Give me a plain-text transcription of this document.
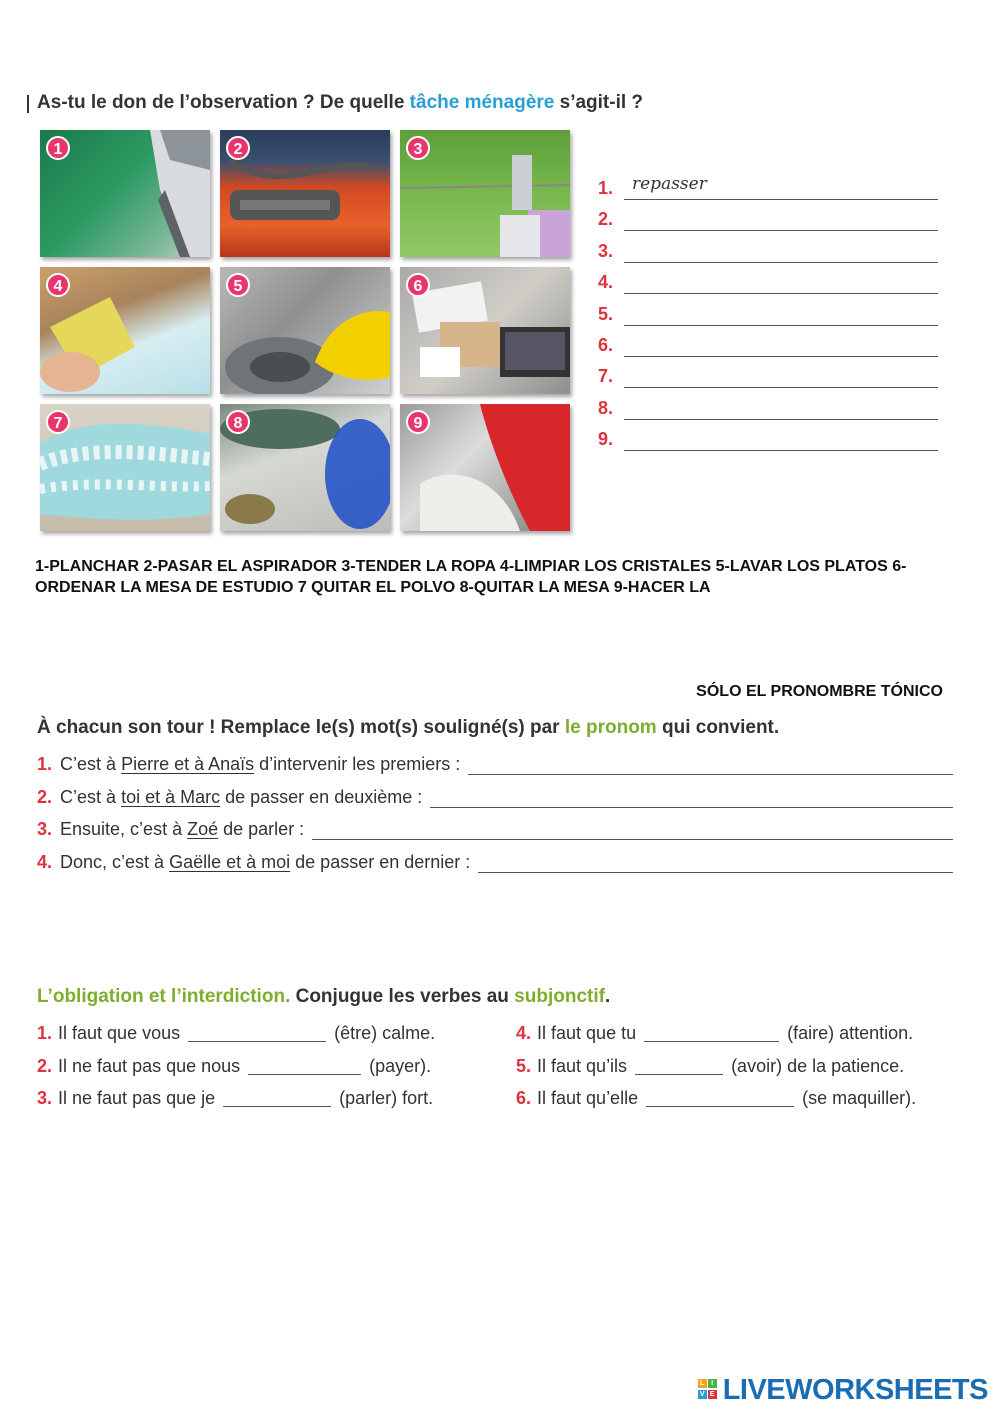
As-tu le don de l’observation ? De quelle tâche ménagère s’agit-il ?
1	2	3
4	5	6
7	8	9
1. repasser
2.
3.
4.
5.
6.
7.
8.
9.
1-PLANCHAR 2-PASAR EL ASPIRADOR 3-TENDER LA ROPA 4-LIMPIAR LOS CRISTALES 5-LAVAR LOS PLATOS 6-ORDENAR LA MESA DE ESTUDIO 7 QUITAR EL POLVO 8-QUITAR LA MESA 9-HACER LA
SÓLO EL PRONOMBRE TÓNICO
À chacun son tour ! Remplace le(s) mot(s) souligné(s) par le pronom qui convient.
1. C’est à
Pierre et à Anaïs
d’intervenir les premiers :
2. C’est à
toi et à Marc
de passer en deuxième :
3. Ensuite, c’est à
Zoé
de parler :
4. Donc, c’est à
Gaëlle et à moi
de passer en dernier :
L’obligation et l’interdiction. Conjugue les verbes au subjonctif.
1. Il faut que vous	(être) calme.
2. Il ne faut pas que nous	(payer).
3. Il ne faut pas que je	(parler) fort.
4. Il faut que tu	(faire) attention.
5. Il faut qu’ils	(avoir) de la patience.
6. Il faut qu’elle	(se maquiller).
L I
V E LIVEWORKSHEETS
